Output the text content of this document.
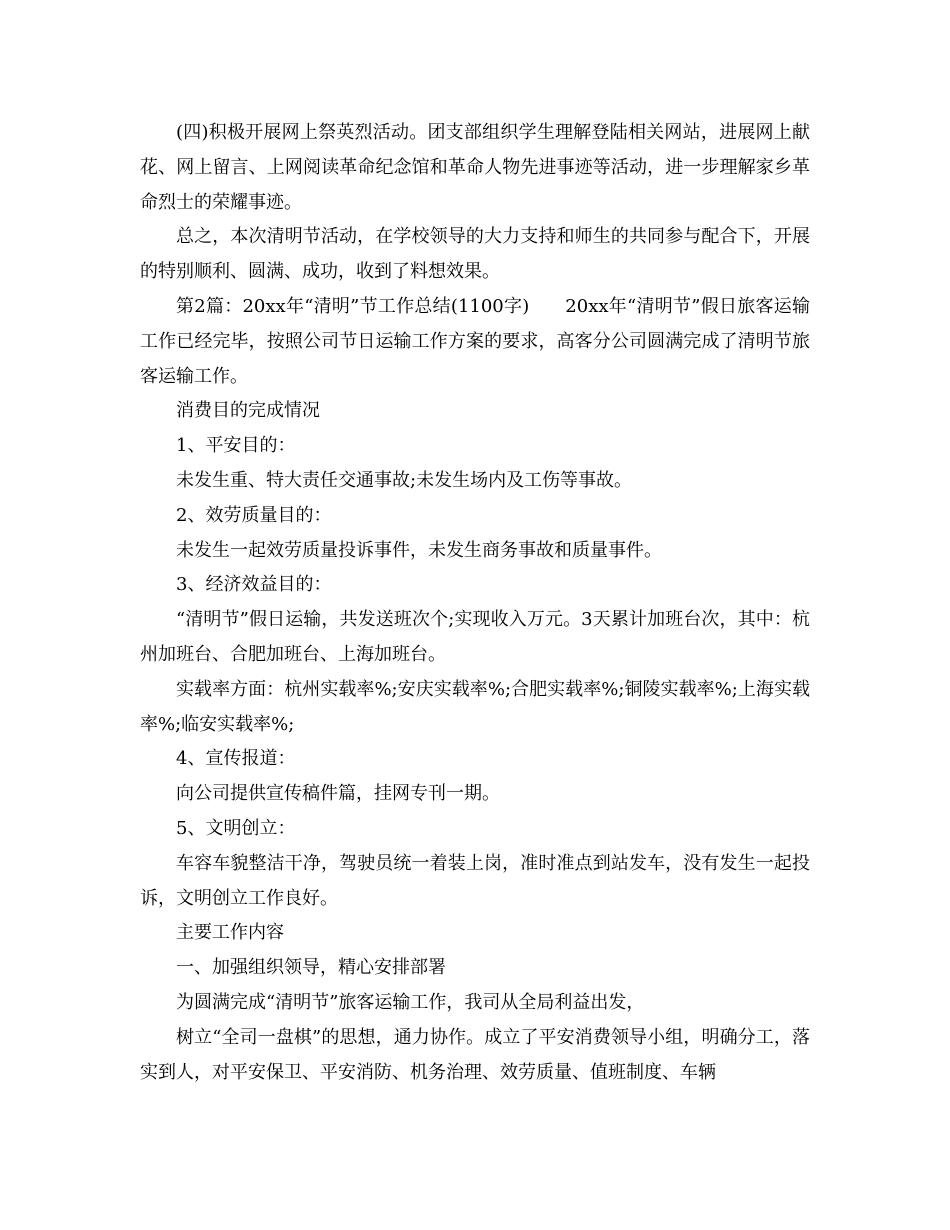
(四)积极开展网上祭英烈活动。团支部组织学生理解登陆相关网站，进展网上献花、网上留言、上网阅读革命纪念馆和革命人物先进事迹等活动，进一步理解家乡革命烈士的荣耀事迹。

总之，本次清明节活动，在学校领导的大力支持和师生的共同参与配合下，开展的特别顺利、圆满、成功，收到了料想效果。

第2篇：20xx年“清明”节工作总结(1100字) 20xx年“清明节”假日旅客运输工作已经完毕，按照公司节日运输工作方案的要求，高客分公司圆满完成了清明节旅客运输工作。

消费目的完成情况

1、平安目的：

未发生重、特大责任交通事故;未发生场内及工伤等事故。

2、效劳质量目的：

未发生一起效劳质量投诉事件，未发生商务事故和质量事件。

3、经济效益目的：

“清明节”假日运输，共发送班次个;实现收入万元。3天累计加班台次，其中：杭州加班台、合肥加班台、上海加班台。

实载率方面：杭州实载率%;安庆实载率%;合肥实载率%;铜陵实载率%;上海实载率%;临安实载率%;

4、宣传报道：

向公司提供宣传稿件篇，挂网专刊一期。

5、文明创立：

车容车貌整洁干净，驾驶员统一着装上岗，准时准点到站发车，没有发生一起投诉，文明创立工作良好。

主要工作内容

一、加强组织领导，精心安排部署

为圆满完成“清明节”旅客运输工作，我司从全局利益出发，

树立“全司一盘棋”的思想，通力协作。成立了平安消费领导小组，明确分工，落实到人，对平安保卫、平安消防、机务治理、效劳质量、值班制度、车辆
